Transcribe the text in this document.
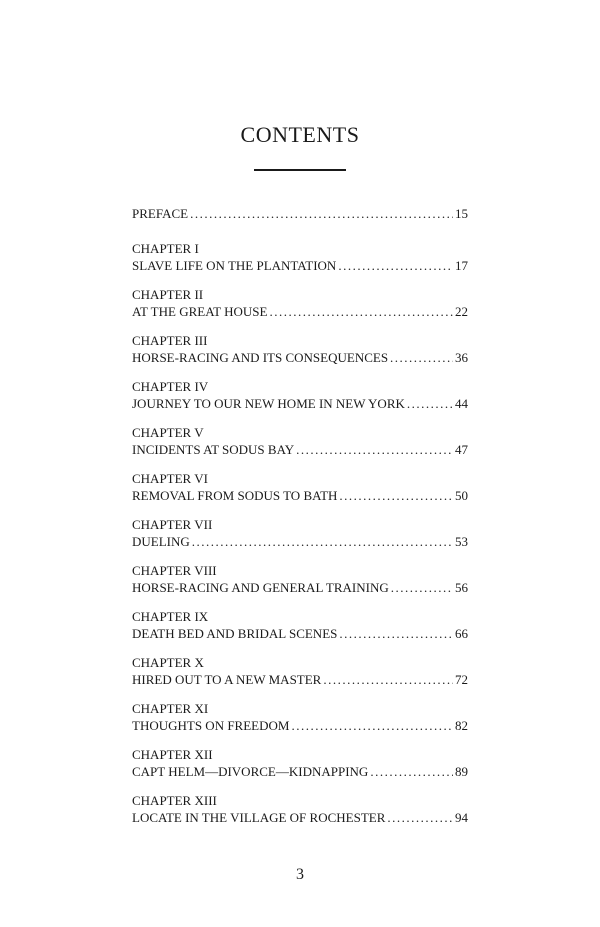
CONTENTS
PREFACE .....	15
CHAPTER I
SLAVE LIFE ON THE PLANTATION .....	17
CHAPTER II
AT THE GREAT HOUSE .....	22
CHAPTER III
HORSE-RACING AND ITS CONSEQUENCES .....	36
CHAPTER IV
JOURNEY TO OUR NEW HOME IN NEW YORK .....	44
CHAPTER V
INCIDENTS AT SODUS BAY .....	47
CHAPTER VI
REMOVAL FROM SODUS TO BATH .....	50
CHAPTER VII
DUELING .....	53
CHAPTER VIII
HORSE-RACING AND GENERAL TRAINING .....	56
CHAPTER IX
DEATH BED AND BRIDAL SCENES .....	66
CHAPTER X
HIRED OUT TO A NEW MASTER .....	72
CHAPTER XI
THOUGHTS ON FREEDOM .....	82
CHAPTER XII
CAPT HELM—DIVORCE—KIDNAPPING .....	89
CHAPTER XIII
LOCATE IN THE VILLAGE OF ROCHESTER .....	94
3
